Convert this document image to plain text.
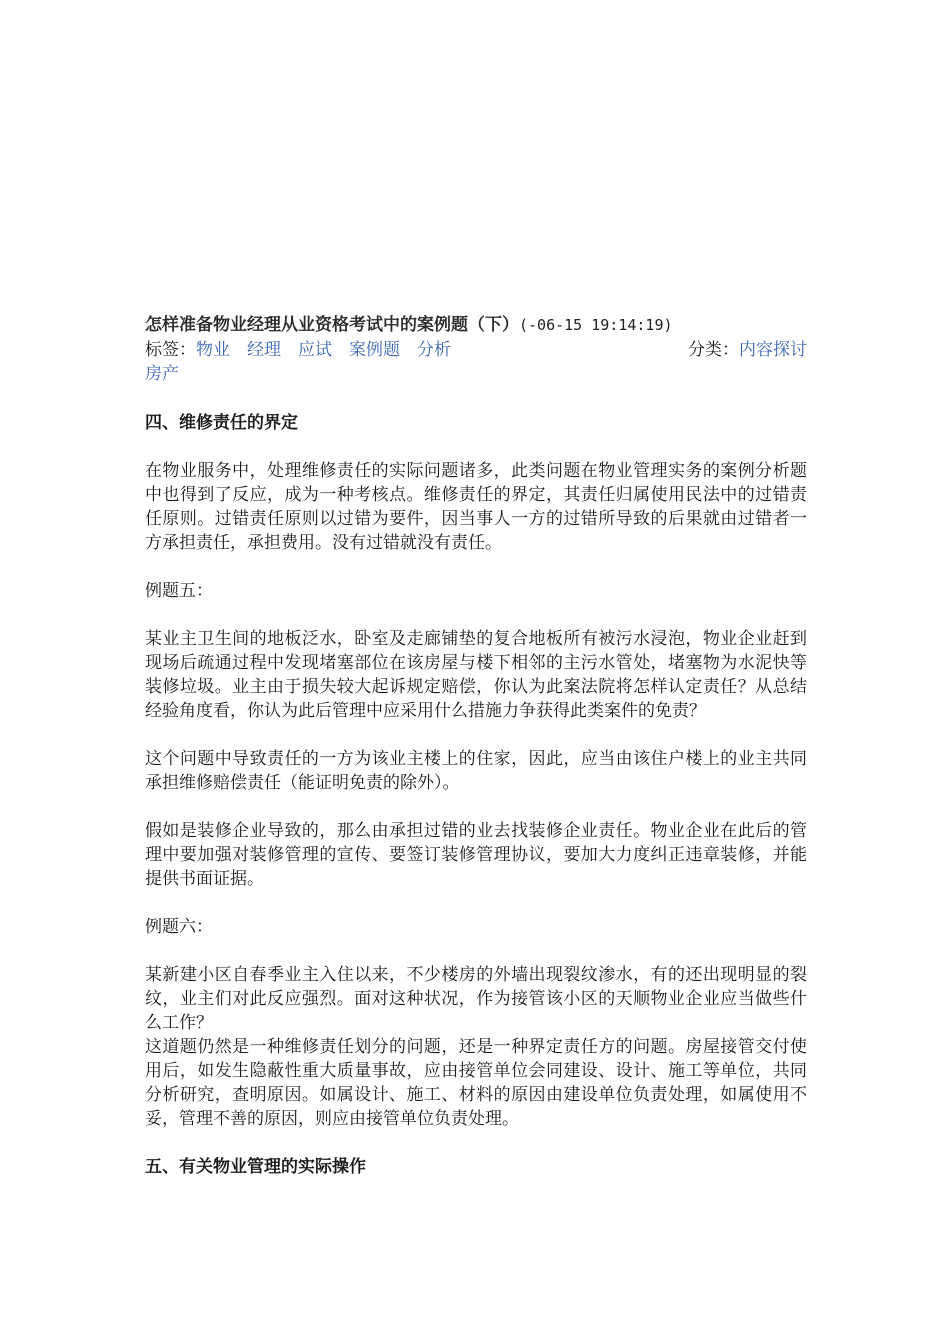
怎样准备物业经理从业资格考试中的案例题（下）(-06-15 19:14:19)
标签：物业 经理 应试 案例题 分析	分类：内容探讨
房产

四、维修责任的界定

在物业服务中，处理维修责任的实际问题诸多，此类问题在物业管理实务的案例分析题中也得到了反应，成为一种考核点。维修责任的界定，其责任归属使用民法中的过错责任原则。过错责任原则以过错为要件，因当事人一方的过错所导致的后果就由过错者一方承担责任，承担费用。没有过错就没有责任。

例题五：

某业主卫生间的地板泛水，卧室及走廊铺垫的复合地板所有被污水浸泡，物业企业赶到现场后疏通过程中发现堵塞部位在该房屋与楼下相邻的主污水管处，堵塞物为水泥快等装修垃圾。业主由于损失较大起诉规定赔偿，你认为此案法院将怎样认定责任？从总结经验角度看，你认为此后管理中应采用什么措施力争获得此类案件的免责？

这个问题中导致责任的一方为该业主楼上的住家，因此，应当由该住户楼上的业主共同承担维修赔偿责任（能证明免责的除外）。

假如是装修企业导致的，那么由承担过错的业去找装修企业责任。物业企业在此后的管理中要加强对装修管理的宣传、要签订装修管理协议，要加大力度纠正违章装修，并能提供书面证据。

例题六：

某新建小区自春季业主入住以来，不少楼房的外墙出现裂纹渗水，有的还出现明显的裂纹，业主们对此反应强烈。面对这种状况，作为接管该小区的天顺物业企业应当做些什么工作？

这道题仍然是一种维修责任划分的问题，还是一种界定责任方的问题。房屋接管交付使用后，如发生隐蔽性重大质量事故，应由接管单位会同建设、设计、施工等单位，共同分析研究，查明原因。如属设计、施工、材料的原因由建设单位负责处理，如属使用不妥，管理不善的原因，则应由接管单位负责处理。

五、有关物业管理的实际操作
